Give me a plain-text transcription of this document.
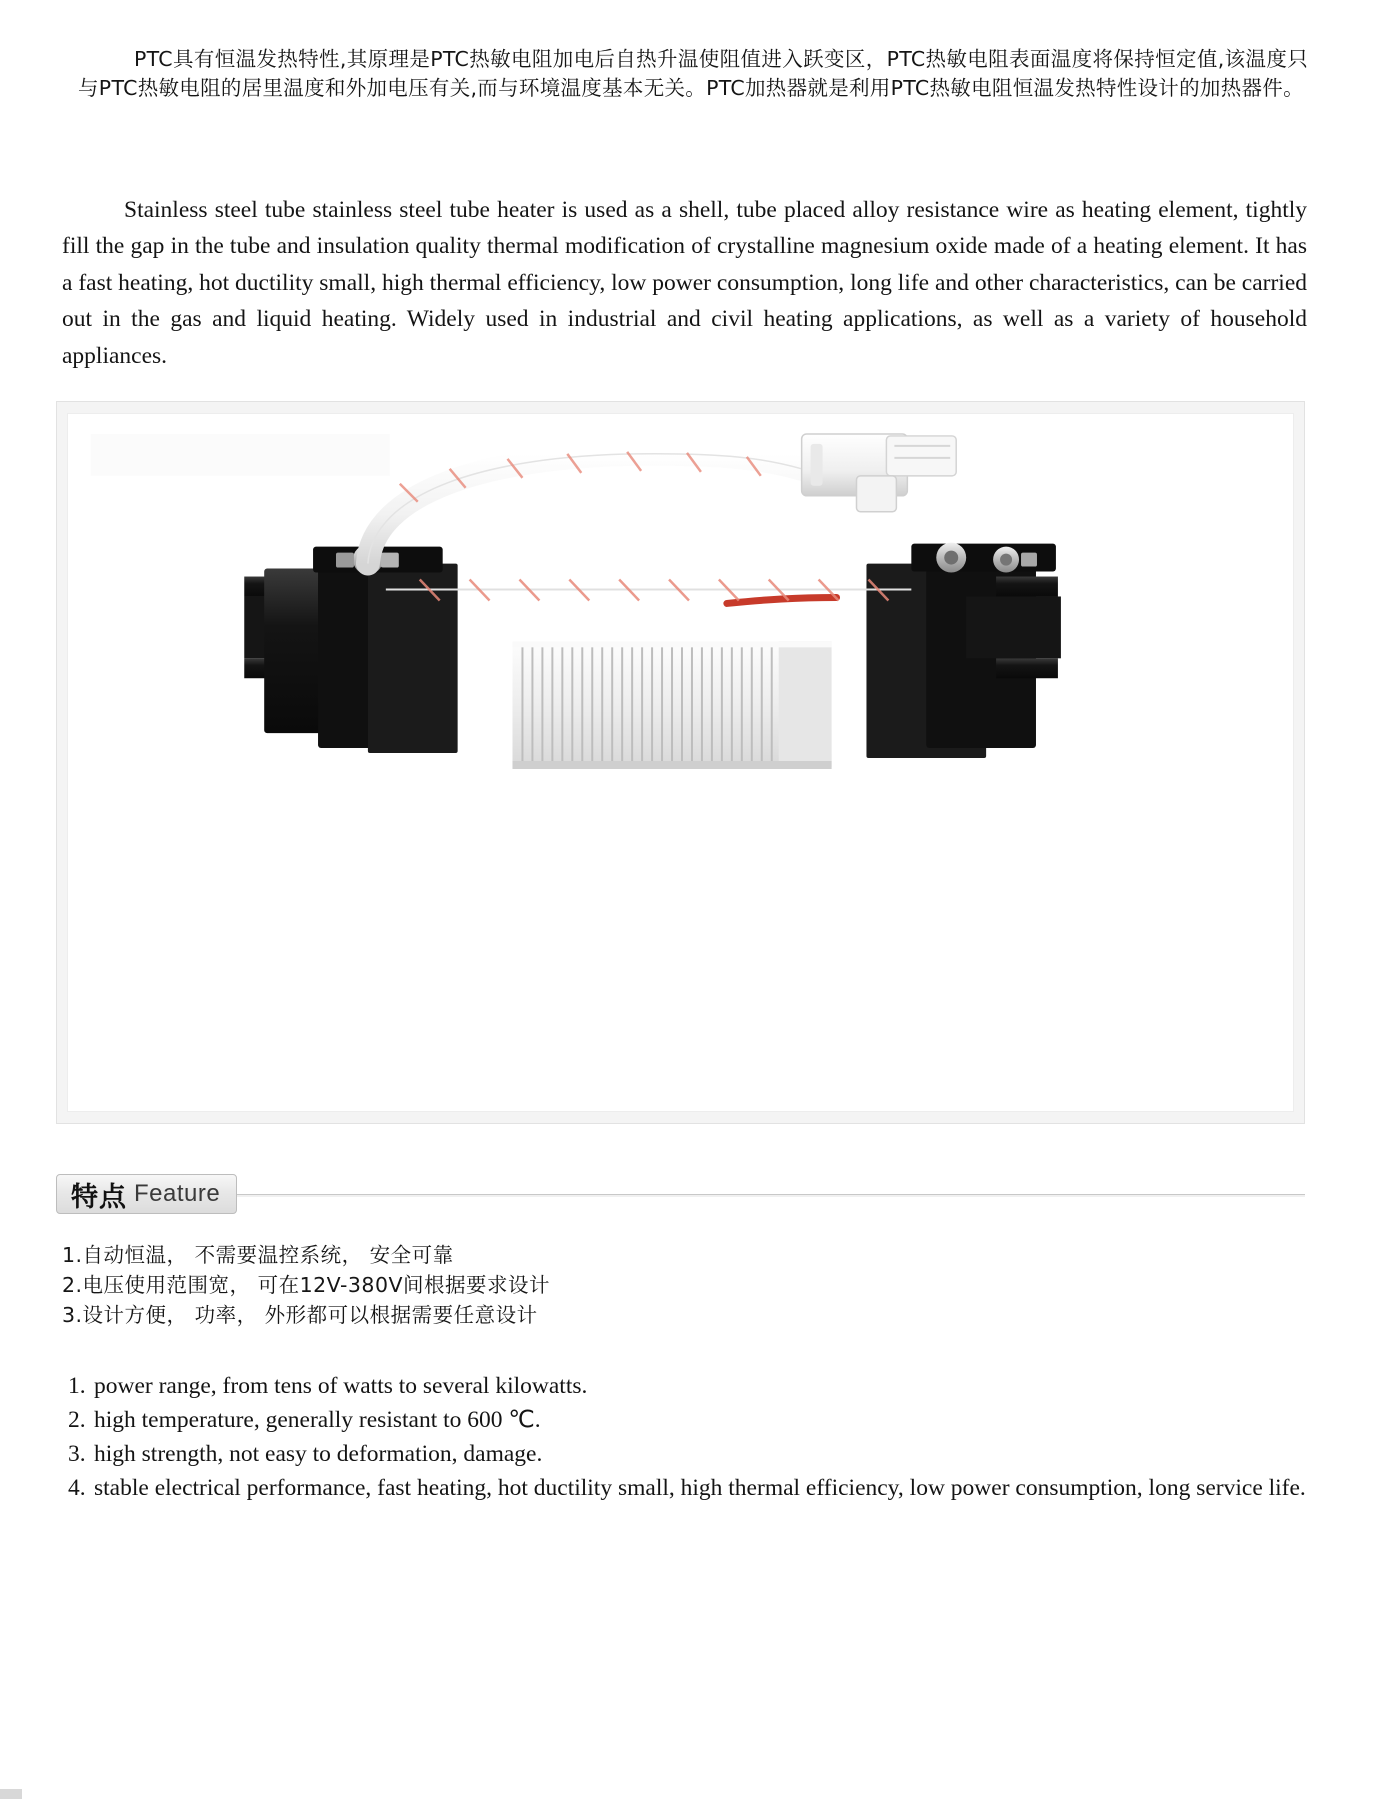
PTC具有恒温发热特性,其原理是PTC热敏电阻加电后自热升温使阻值进入跃变区，PTC热敏电阻表面温度将保持恒定值,该温度只与PTC热敏电阻的居里温度和外加电压有关,而与环境温度基本无关。PTC加热器就是利用PTC热敏电阻恒温发热特性设计的加热器件。

Stainless steel tube stainless steel tube heater is used as a shell, tube placed alloy resistance wire as heating element, tightly fill the gap in the tube and insulation quality thermal modification of crystalline magnesium oxide made of a heating element. It has a fast heating, hot ductility small, high thermal efficiency, low power consumption, long life and other characteristics, can be carried out in the gas and liquid heating. Widely used in industrial and civil heating applications, as well as a variety of household appliances.

特点 Feature
1.自动恒温， 不需要温控系统， 安全可靠
2.电压使用范围宽， 可在12V-380V间根据要求设计
3.设计方便， 功率， 外形都可以根据需要任意设计
1. power range, from tens of watts to several kilowatts.
2. high temperature, generally resistant to 600 ℃.
3. high strength, not easy to deformation, damage.
4. stable electrical performance, fast heating, hot ductility small, high thermal efficiency, low power consumption, long service life.
